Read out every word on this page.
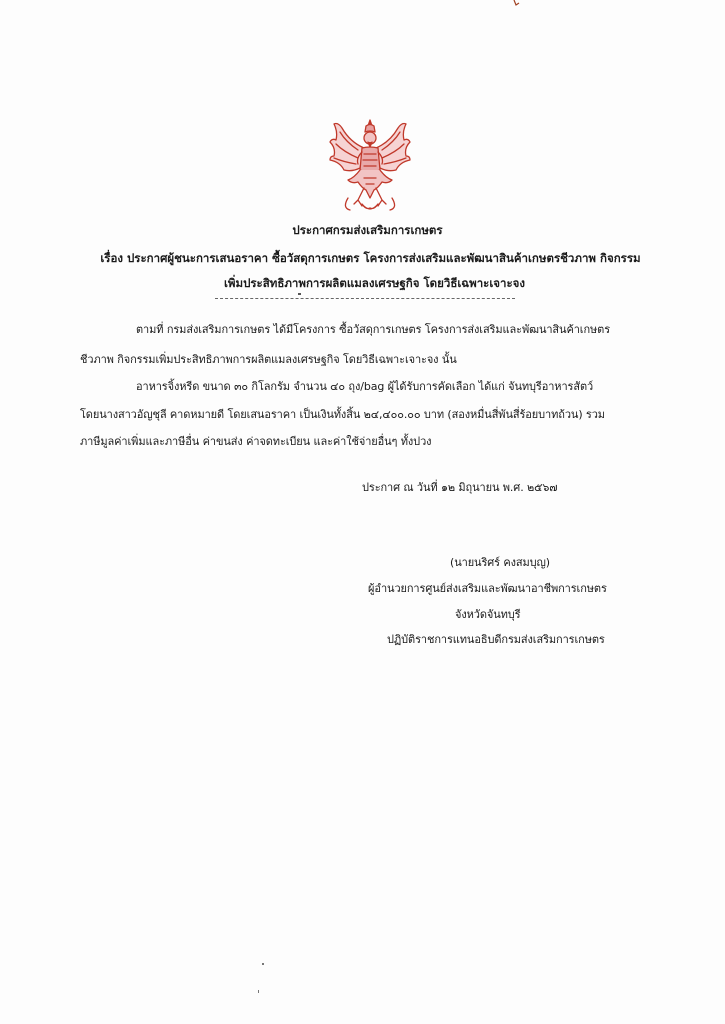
ประกาศกรมส่งเสริมการเกษตร
เรื่อง ประกาศผู้ชนะการเสนอราคา ซื้อวัสดุการเกษตร โครงการส่งเสริมและพัฒนาสินค้าเกษตรชีวภาพ กิจกรรม
เพิ่มประสิทธิภาพการผลิตแมลงเศรษฐกิจ โดยวิธีเฉพาะเจาะจง
ตามที่ กรมส่งเสริมการเกษตร ได้มีโครงการ ซื้อวัสดุการเกษตร โครงการส่งเสริมและพัฒนาสินค้าเกษตร
ชีวภาพ กิจกรรมเพิ่มประสิทธิภาพการผลิตแมลงเศรษฐกิจ โดยวิธีเฉพาะเจาะจง นั้น
อาหารจิ้งหรีด ขนาด ๓๐ กิโลกรัม จำนวน ๔๐ ถุง/bag ผู้ได้รับการคัดเลือก ได้แก่ จันทบุรีอาหารสัตว์
โดยนางสาวอัญชุลี คาดหมายดี โดยเสนอราคา เป็นเงินทั้งสิ้น ๒๔,๔๐๐.๐๐ บาท (สองหมื่นสี่พันสี่ร้อยบาทถ้วน) รวม
ภาษีมูลค่าเพิ่มและภาษีอื่น ค่าขนส่ง ค่าจดทะเบียน และค่าใช้จ่ายอื่นๆ ทั้งปวง
ประกาศ ณ วันที่ ๑๒ มิถุนายน พ.ศ. ๒๕๖๗
(นายนริศร์ คงสมบุญ)
ผู้อำนวยการศูนย์ส่งเสริมและพัฒนาอาชีพการเกษตร
จังหวัดจันทบุรี
ปฏิบัติราชการแทนอธิบดีกรมส่งเสริมการเกษตร
